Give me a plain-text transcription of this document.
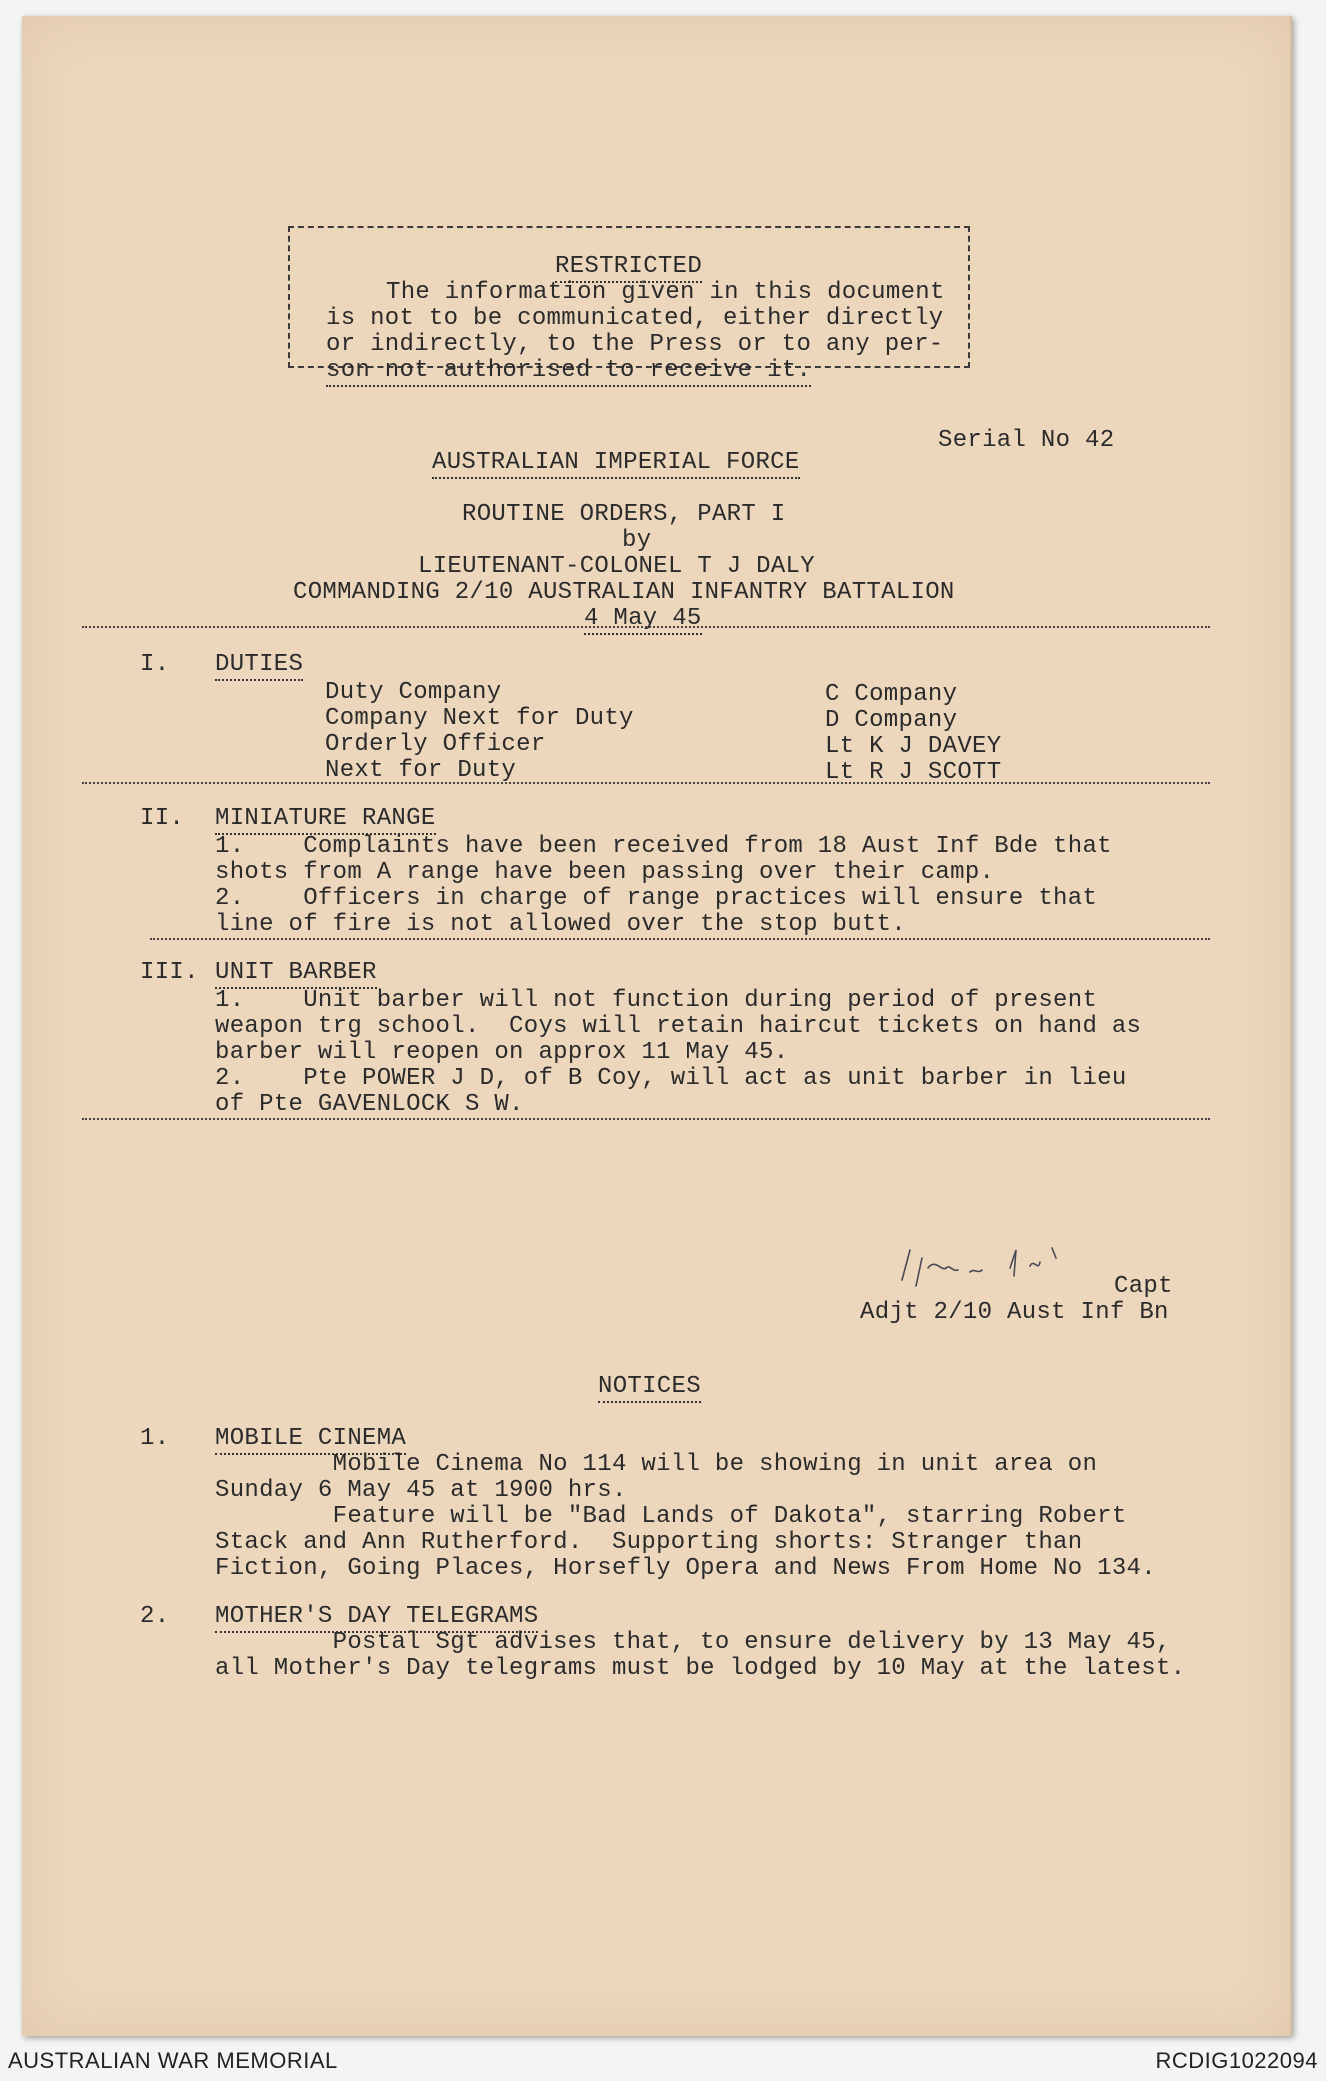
RESTRICTED
The information given in this document
is not to be communicated, either directly
or indirectly, to the Press or to any per-
son not authorised to receive it.
Serial No 42
AUSTRALIAN IMPERIAL FORCE
ROUTINE ORDERS, PART I
by
LIEUTENANT-COLONEL T J DALY
COMMANDING 2/10 AUSTRALIAN INFANTRY BATTALION
4 May 45
I. DUTIES
Duty Company	C Company
Company Next for Duty	D Company
Orderly Officer	Lt K J DAVEY
Next for Duty	Lt R J SCOTT
II. MINIATURE RANGE
1.    Complaints have been received from 18 Aust Inf Bde that
shots from A range have been passing over their camp.
2.    Officers in charge of range practices will ensure that
line of fire is not allowed over the stop butt.
III. UNIT BARBER
1.    Unit barber will not function during period of present
weapon trg school.  Coys will retain haircut tickets on hand as
barber will reopen on approx 11 May 45.
2.    Pte POWER J D, of B Coy, will act as unit barber in lieu
of Pte GAVENLOCK S W.
Capt
Adjt 2/10 Aust Inf Bn
NOTICES
1. MOBILE CINEMA
Mobile Cinema No 114 will be showing in unit area on
Sunday 6 May 45 at 1900 hrs.
Feature will be "Bad Lands of Dakota", starring Robert
Stack and Ann Rutherford.  Supporting shorts: Stranger than
Fiction, Going Places, Horsefly Opera and News From Home No 134.
2. MOTHER'S DAY TELEGRAMS
Postal Sgt advises that, to ensure delivery by 13 May 45,
all Mother's Day telegrams must be lodged by 10 May at the latest.
AUSTRALIAN WAR MEMORIAL	RCDIG1022094
